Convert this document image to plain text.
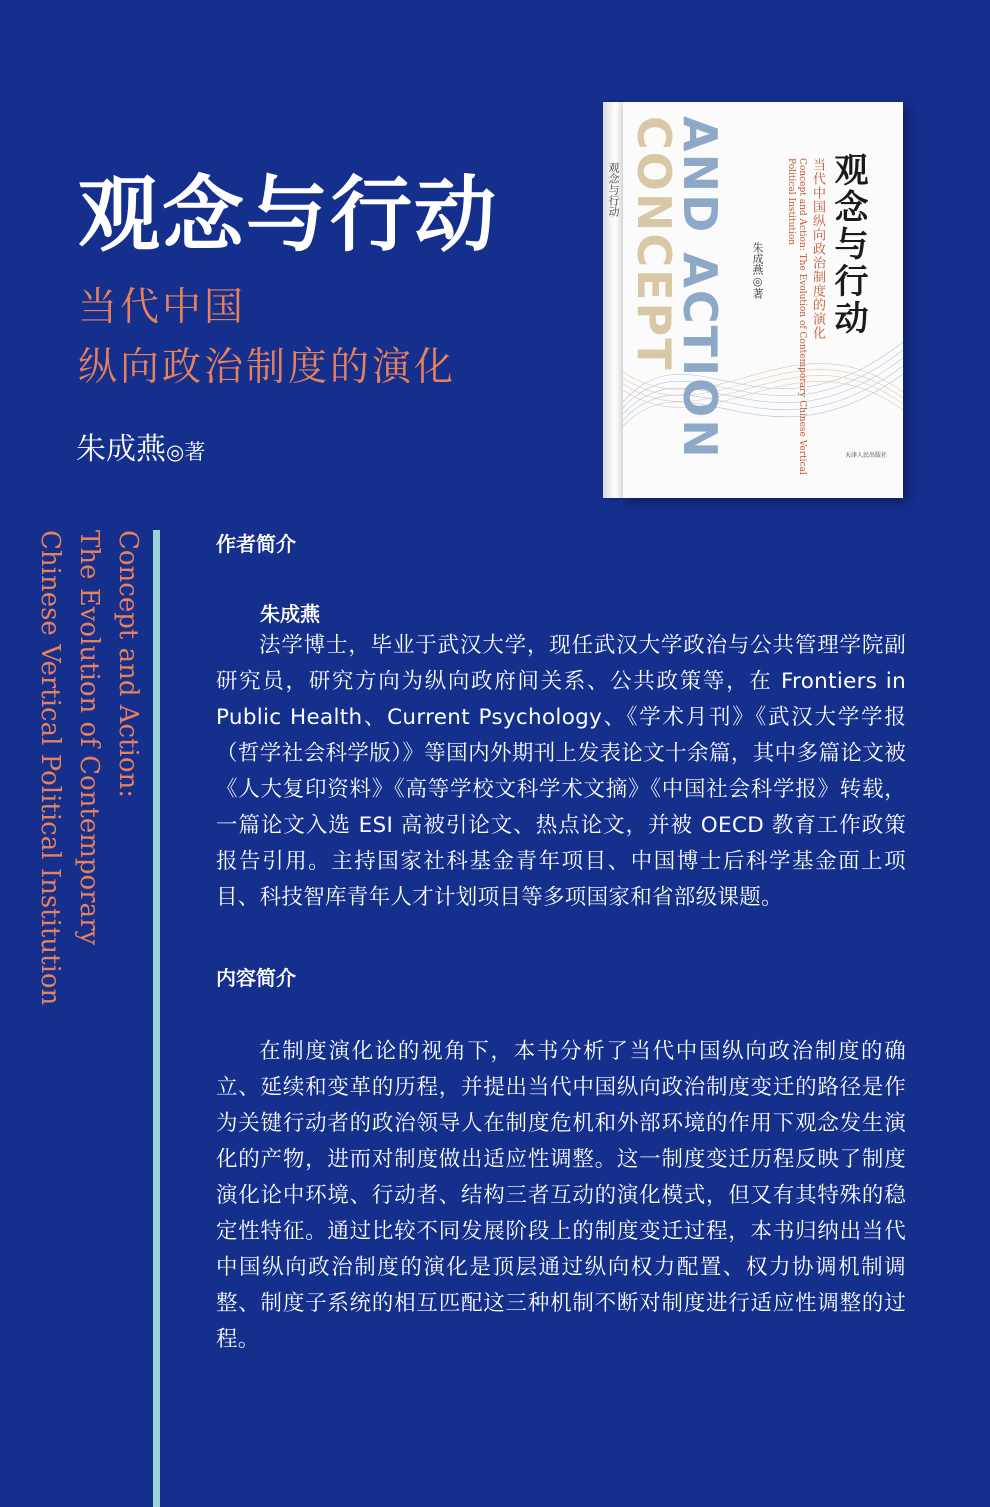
观念与行动
当代中国
纵向政治制度的演化
朱成燕◎著
观念与行动 CONCEPT
AND ACTION 朱成燕◎著	Concept and Action: The Evolution of Contemporary Chinese Vertical Political Institution	当代中国纵向政治制度的演化 观念与行动
天津人民出版社
Concept and Action:
The Evolution of Contemporary
Chinese Vertical Political Institution	作者简介
朱成燕

法学博士，毕业于武汉大学，现任武汉大学政治与公共管理学院副研究员，研究方向为纵向政府间关系、公共政策等，在 Frontiers in Public Health、Current Psychology、《学术月刊》《武汉大学学报（哲学社会科学版）》等国内外期刊上发表论文十余篇，其中多篇论文被《人大复印资料》《高等学校文科学术文摘》《中国社会科学报》转载，一篇论文入选 ESI 高被引论文、热点论文，并被 OECD 教育工作政策报告引用。主持国家社科基金青年项目、中国博士后科学基金面上项目、科技智库青年人才计划项目等多项国家和省部级课题。

内容简介

在制度演化论的视角下，本书分析了当代中国纵向政治制度的确立、延续和变革的历程，并提出当代中国纵向政治制度变迁的路径是作为关键行动者的政治领导人在制度危机和外部环境的作用下观念发生演化的产物，进而对制度做出适应性调整。这一制度变迁历程反映了制度演化论中环境、行动者、结构三者互动的演化模式，但又有其特殊的稳定性特征。通过比较不同发展阶段上的制度变迁过程，本书归纳出当代中国纵向政治制度的演化是顶层通过纵向权力配置、权力协调机制调整、制度子系统的相互匹配这三种机制不断对制度进行适应性调整的过程。
